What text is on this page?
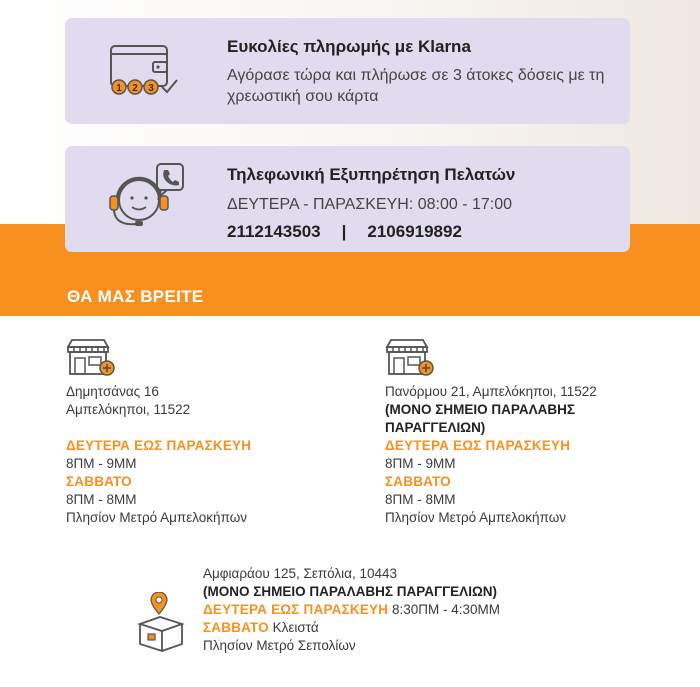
1 2 3
Ευκολίες πληρωμής με Klarna
Αγόρασε τώρα και πλήρωσε σε 3 άτοκες δόσεις με τη χρεωστική σου κάρτα
Τηλεφωνική Εξυπηρέτηση Πελατών
ΔΕΥΤΕΡΑ - ΠΑΡΑΣΚΕΥΗ: 08:00 - 17:00
2112143503 | 2106919892
ΘΑ ΜΑΣ ΒΡΕΙΤΕ
Δημητσάνας 16
Αμπελόκηποι, 11522
ΔΕΥΤΕΡΑ ΕΩΣ ΠΑΡΑΣΚΕΥΗ
8ΠΜ - 9ΜΜ
ΣΑΒΒΑΤΟ
8ΠΜ - 8ΜΜ
Πλησίον Μετρό Αμπελοκήπων
Πανόρμου 21, Αμπελόκηποι, 11522
(ΜΟΝΟ ΣΗΜΕΙΟ ΠΑΡΑΛΑΒΗΣ
ΠΑΡΑΓΓΕΛΙΩΝ)
ΔΕΥΤΕΡΑ ΕΩΣ ΠΑΡΑΣΚΕΥΗ
8ΠΜ - 9ΜΜ
ΣΑΒΒΑΤΟ
8ΠΜ - 8ΜΜ
Πλησίον Μετρό Αμπελοκήπων
Αμφιαράου 125, Σεπόλια, 10443
(ΜΟΝΟ ΣΗΜΕΙΟ ΠΑΡΑΛΑΒΗΣ ΠΑΡΑΓΓΕΛΙΩΝ)
ΔΕΥΤΕΡΑ ΕΩΣ ΠΑΡΑΣΚΕΥΗ 8:30ΠΜ - 4:30ΜΜ
ΣΑΒΒΑΤΟ Κλειστά
Πλησίον Μετρό Σεπολίων
